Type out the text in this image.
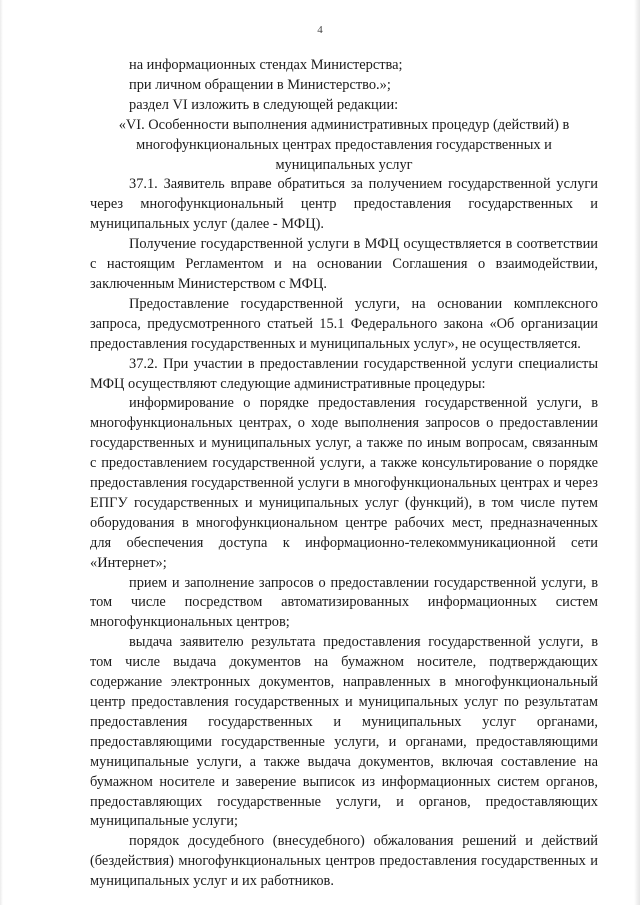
4

на информационных стендах Министерства;

при личном обращении в Министерство.»;

раздел VI изложить в следующей редакции:

«VI. Особенности выполнения административных процедур (действий) в многофункциональных центрах предоставления государственных и муниципальных услуг

37.1. Заявитель вправе обратиться за получением государственной услуги через многофункциональный центр предоставления государственных и муниципальных услуг (далее - МФЦ).

Получение государственной услуги в МФЦ осуществляется в соответствии с настоящим Регламентом и на основании Соглашения о взаимодействии, заключенным Министерством с МФЦ.

Предоставление государственной услуги, на основании комплексного запроса, предусмотренного статьей 15.1 Федерального закона «Об организации предоставления государственных и муниципальных услуг», не осуществляется.

37.2. При участии в предоставлении государственной услуги специалисты МФЦ осуществляют следующие административные процедуры:

информирование о порядке предоставления государственной услуги, в многофункциональных центрах, о ходе выполнения запросов о предоставлении государственных и муниципальных услуг, а также по иным вопросам, связанным с предоставлением государственной услуги, а также консультирование о порядке предоставления государственной услуги в многофункциональных центрах и через ЕПГУ государственных и муниципальных услуг (функций), в том числе путем оборудования в многофункциональном центре рабочих мест, предназначенных для обеспечения доступа к информационно-телекоммуникационной сети «Интернет»;

прием и заполнение запросов о предоставлении государственной услуги, в том числе посредством автоматизированных информационных систем многофункциональных центров;

выдача заявителю результата предоставления государственной услуги, в том числе выдача документов на бумажном носителе, подтверждающих содержание электронных документов, направленных в многофункциональный центр предоставления государственных и муниципальных услуг по результатам предоставления государственных и муниципальных услуг органами, предоставляющими государственные услуги, и органами, предоставляющими муниципальные услуги, а также выдача документов, включая составление на бумажном носителе и заверение выписок из информационных систем органов, предоставляющих государственные услуги, и органов, предоставляющих муниципальные услуги;

порядок досудебного (внесудебного) обжалования решений и действий (бездействия) многофункциональных центров предоставления государственных и муниципальных услуг и их работников.
